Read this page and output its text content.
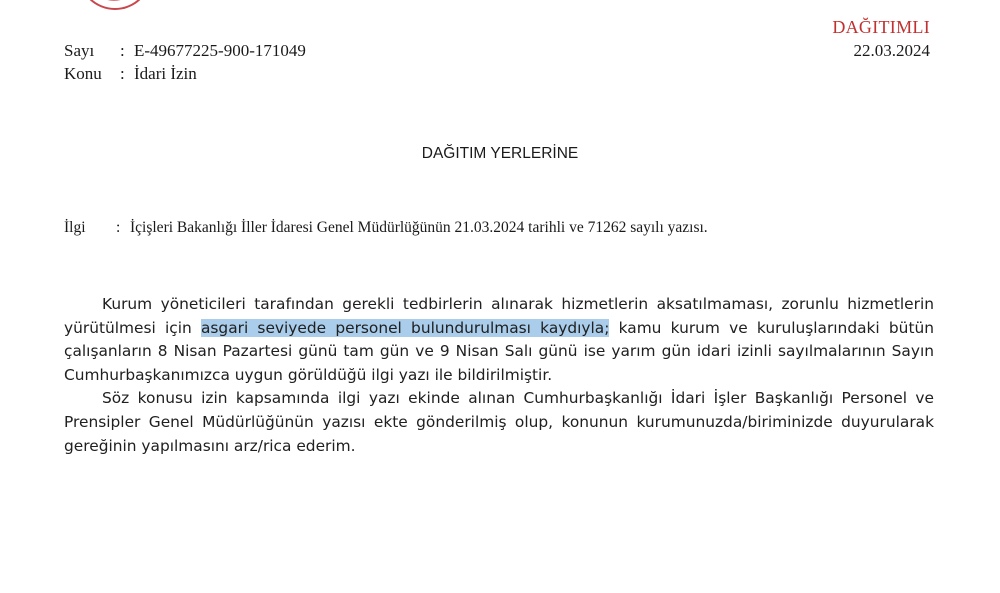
DAĞITIMLI
22.03.2024
Sayı : E-49677225-900-171049
Konu : İdari İzin
DAĞITIM YERLERİNE
İlgi : İçişleri Bakanlığı İller İdaresi Genel Müdürlüğünün 21.03.2024 tarihli ve 71262 sayılı yazısı.

Kurum yöneticileri tarafından gerekli tedbirlerin alınarak hizmetlerin aksatılmaması, zorunlu hizmetlerin yürütülmesi için asgari seviyede personel bulundurulması kaydıyla; kamu kurum ve kuruluşlarındaki bütün çalışanların 8 Nisan Pazartesi günü tam gün ve 9 Nisan Salı günü ise yarım gün idari izinli sayılmalarının Sayın Cumhurbaşkanımızca uygun görüldüğü ilgi yazı ile bildirilmiştir.

Söz konusu izin kapsamında ilgi yazı ekinde alınan Cumhurbaşkanlığı İdari İşler Başkanlığı Personel ve Prensipler Genel Müdürlüğünün yazısı ekte gönderilmiş olup, konunun kurumunuzda/biriminizde duyurularak gereğinin yapılmasını arz/rica ederim.
